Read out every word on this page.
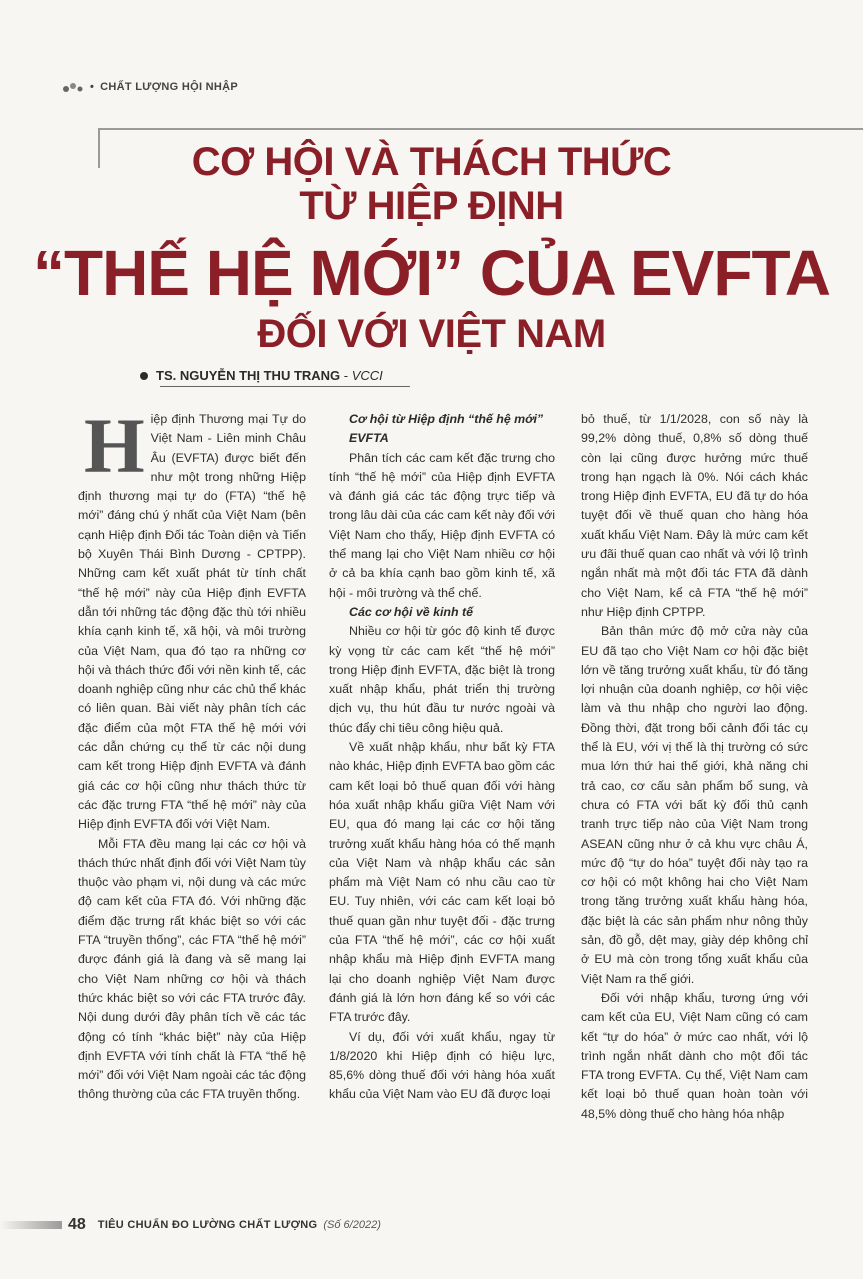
• CHẤT LƯỢNG HỘI NHẬP
CƠ HỘI VÀ THÁCH THỨC
TỪ HIỆP ĐỊNH
“THẾ HỆ MỚI” CỦA EVFTA
ĐỐI VỚI VIỆT NAM
TS. NGUYỄN THỊ THU TRANG - VCCI

Hiệp định Thương mại Tự do Việt Nam - Liên minh Châu Âu (EVFTA) được biết đến như một trong những Hiệp định thương mại tự do (FTA) “thế hệ mới” đáng chú ý nhất của Việt Nam (bên cạnh Hiệp định Đối tác Toàn diện và Tiến bộ Xuyên Thái Bình Dương - CPTPP). Những cam kết xuất phát từ tính chất “thế hệ mới” này của Hiệp định EVFTA dẫn tới những tác động đặc thù tới nhiều khía cạnh kinh tế, xã hội, và môi trường của Việt Nam, qua đó tạo ra những cơ hội và thách thức đối với nền kinh tế, các doanh nghiệp cũng như các chủ thể khác có liên quan. Bài viết này phân tích các đặc điểm của một FTA thế hệ mới với các dẫn chứng cụ thể từ các nội dung cam kết trong Hiệp định EVFTA và đánh giá các cơ hội cũng như thách thức từ các đặc trưng FTA “thế hệ mới” này của Hiệp định EVFTA đối với Việt Nam.

Mỗi FTA đều mang lại các cơ hội và thách thức nhất định đối với Việt Nam tùy thuộc vào phạm vi, nội dung và các mức độ cam kết của FTA đó. Với những đặc điểm đặc trưng rất khác biệt so với các FTA “truyền thống”, các FTA “thế hệ mới” được đánh giá là đang và sẽ mang lại cho Việt Nam những cơ hội và thách thức khác biệt so với các FTA trước đây. Nội dung dưới đây phân tích về các tác động có tính “khác biệt” này của Hiệp định EVFTA với tính chất là FTA “thế hệ mới” đối với Việt Nam ngoài các tác động thông thường của các FTA truyền thống.

Cơ hội từ Hiệp định “thế hệ mới” EVFTA

Phân tích các cam kết đặc trưng cho tính “thế hệ mới” của Hiệp định EVFTA và đánh giá các tác động trực tiếp và trong lâu dài của các cam kết này đối với Việt Nam cho thấy, Hiệp định EVFTA có thể mang lại cho Việt Nam nhiều cơ hội ở cả ba khía cạnh bao gồm kinh tế, xã hội - môi trường và thể chế.

Các cơ hội về kinh tế

Nhiều cơ hội từ góc độ kinh tế được kỳ vọng từ các cam kết “thế hệ mới” trong Hiệp định EVFTA, đặc biệt là trong xuất nhập khẩu, phát triển thị trường dịch vụ, thu hút đầu tư nước ngoài và thúc đẩy chi tiêu công hiệu quả.

Về xuất nhập khẩu, như bất kỳ FTA nào khác, Hiệp định EVFTA bao gồm các cam kết loại bỏ thuế quan đối với hàng hóa xuất nhập khẩu giữa Việt Nam với EU, qua đó mang lại các cơ hội tăng trưởng xuất khẩu hàng hóa có thế mạnh của Việt Nam và nhập khẩu các sản phẩm mà Việt Nam có nhu cầu cao từ EU. Tuy nhiên, với các cam kết loại bỏ thuế quan gần như tuyệt đối - đặc trưng của FTA “thế hệ mới”, các cơ hội xuất nhập khẩu mà Hiệp định EVFTA mang lại cho doanh nghiệp Việt Nam được đánh giá là lớn hơn đáng kể so với các FTA trước đây.

Ví dụ, đối với xuất khẩu, ngay từ 1/8/2020 khi Hiệp định có hiệu lực, 85,6% dòng thuế đối với hàng hóa xuất khẩu của Việt Nam vào EU đã được loại

bỏ thuế, từ 1/1/2028, con số này là 99,2% dòng thuế, 0,8% số dòng thuế còn lại cũng được hưởng mức thuế trong hạn ngạch là 0%. Nói cách khác trong Hiệp định EVFTA, EU đã tự do hóa tuyệt đối về thuế quan cho hàng hóa xuất khẩu Việt Nam. Đây là mức cam kết ưu đãi thuế quan cao nhất và với lộ trình ngắn nhất mà một đối tác FTA đã dành cho Việt Nam, kể cả FTA “thế hệ mới” như Hiệp định CPTPP.

Bản thân mức độ mở cửa này của EU đã tạo cho Việt Nam cơ hội đặc biệt lớn về tăng trưởng xuất khẩu, từ đó tăng lợi nhuận của doanh nghiệp, cơ hội việc làm và thu nhập cho người lao động. Đồng thời, đặt trong bối cảnh đối tác cụ thể là EU, với vị thế là thị trường có sức mua lớn thứ hai thế giới, khả năng chi trả cao, cơ cấu sản phẩm bổ sung, và chưa có FTA với bất kỳ đối thủ cạnh tranh trực tiếp nào của Việt Nam trong ASEAN cũng như ở cả khu vực châu Á, mức độ “tự do hóa” tuyệt đối này tạo ra cơ hội có một không hai cho Việt Nam trong tăng trưởng xuất khẩu hàng hóa, đặc biệt là các sản phẩm như nông thủy sản, đồ gỗ, dệt may, giày dép không chỉ ở EU mà còn trong tổng xuất khẩu của Việt Nam ra thế giới.

Đối với nhập khẩu, tương ứng với cam kết của EU, Việt Nam cũng có cam kết “tự do hóa” ở mức cao nhất, với lộ trình ngắn nhất dành cho một đối tác FTA trong EVFTA. Cụ thể, Việt Nam cam kết loại bỏ thuế quan hoàn toàn với 48,5% dòng thuế cho hàng hóa nhập

48 TIÊU CHUẨN ĐO LƯỜNG CHẤT LƯỢNG (Số 6/2022)
